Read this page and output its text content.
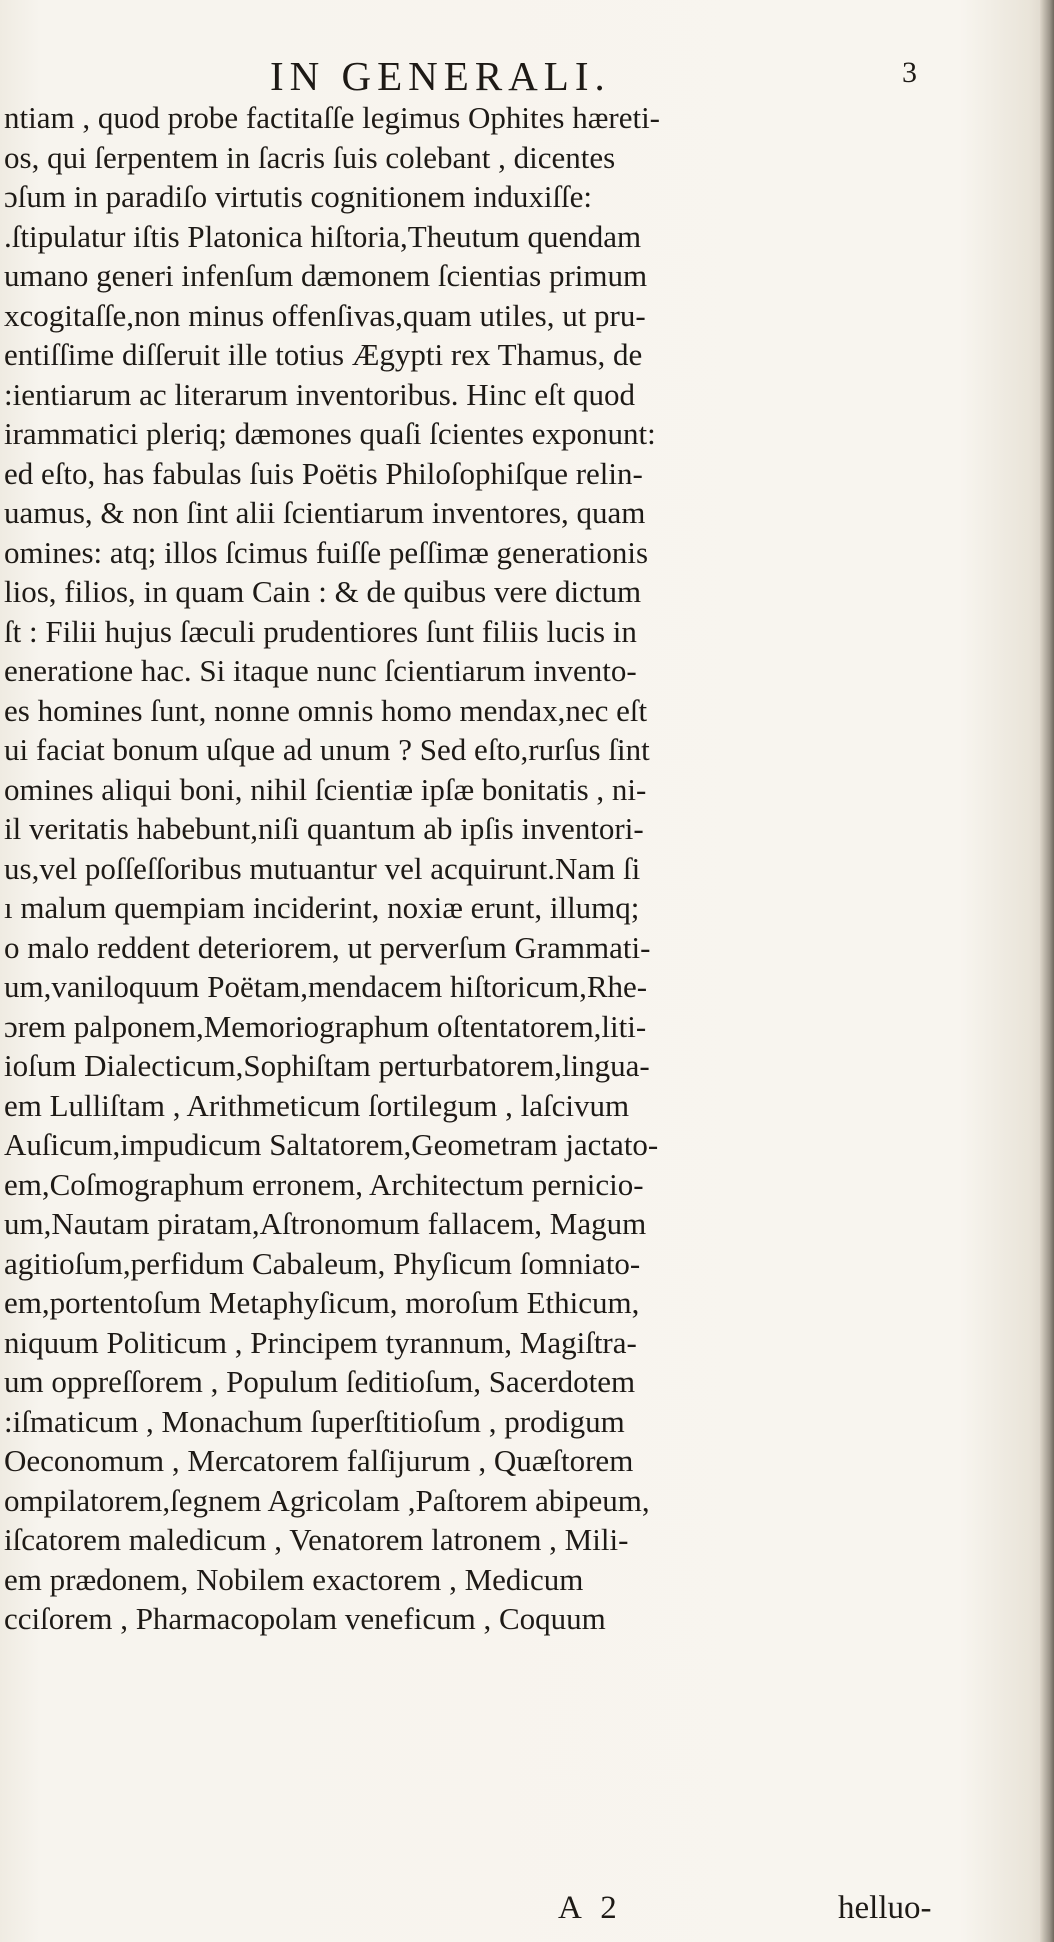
IN GENERALI.	3
ntiam , quod probe factitaſſe legimus Ophites hæreti-
os, qui ſerpentem in ſacris ſuis colebant , dicentes
ɔſum in paradiſo virtutis cognitionem induxiſſe:
.ſtipulatur iſtis Platonica hiſtoria,Theutum quendam
umano generi infenſum dæmonem ſcientias primum
xcogitaſſe,non minus offenſivas,quam utiles, ut pru-
entiſſime diſſeruit ille totius Ægypti rex Thamus, de
:ientiarum ac literarum inventoribus. Hinc eſt quod
irammatici pleriq; dæmones quaſi ſcientes exponunt:
ed eſto, has fabulas ſuis Poëtis Philoſophiſque relin-
uamus, & non ſint alii ſcientiarum inventores, quam
omines: atq; illos ſcimus fuiſſe peſſimæ generationis
lios, filios, in quam Cain : & de quibus vere dictum
ſt : Filii hujus ſæculi prudentiores ſunt filiis lucis in
eneratione hac. Si itaque nunc ſcientiarum invento-
es homines ſunt, nonne omnis homo mendax,nec eſt
ui faciat bonum uſque ad unum ? Sed eſto,rurſus ſint
omines aliqui boni, nihil ſcientiæ ipſæ bonitatis , ni-
il veritatis habebunt,niſi quantum ab ipſis inventori-
us,vel poſſeſſoribus mutuantur vel acquirunt.Nam ſi
ı malum quempiam inciderint, noxiæ erunt, illumq;
o malo reddent deteriorem, ut perverſum Grammati-
um,vaniloquum Poëtam,mendacem hiſtoricum,Rhe-
ɔrem palponem,Memoriographum oſtentatorem,liti-
ioſum Dialecticum,Sophiſtam perturbatorem,lingua-
em Lulliſtam , Arithmeticum ſortilegum , laſcivum
Auſicum,impudicum Saltatorem,Geometram jactato-
em,Coſmographum erronem, Architectum pernicio-
um,Nautam piratam,Aſtronomum fallacem, Magum
agitioſum,perfidum Cabaleum, Phyſicum ſomniato-
em,portentoſum Metaphyſicum, moroſum Ethicum,
niquum Politicum , Principem tyrannum, Magiſtra-
um oppreſſorem , Populum ſeditioſum, Sacerdotem
:iſmaticum , Monachum ſuperſtitioſum , prodigum
Oeconomum , Mercatorem falſijurum , Quæſtorem
ompilatorem,ſegnem Agricolam ,Paſtorem abipeum,
iſcatorem maledicum , Venatorem latronem , Mili-
em prædonem, Nobilem exactorem , Medicum
cciſorem , Pharmacopolam veneficum , Coquum
A 2	helluo-
